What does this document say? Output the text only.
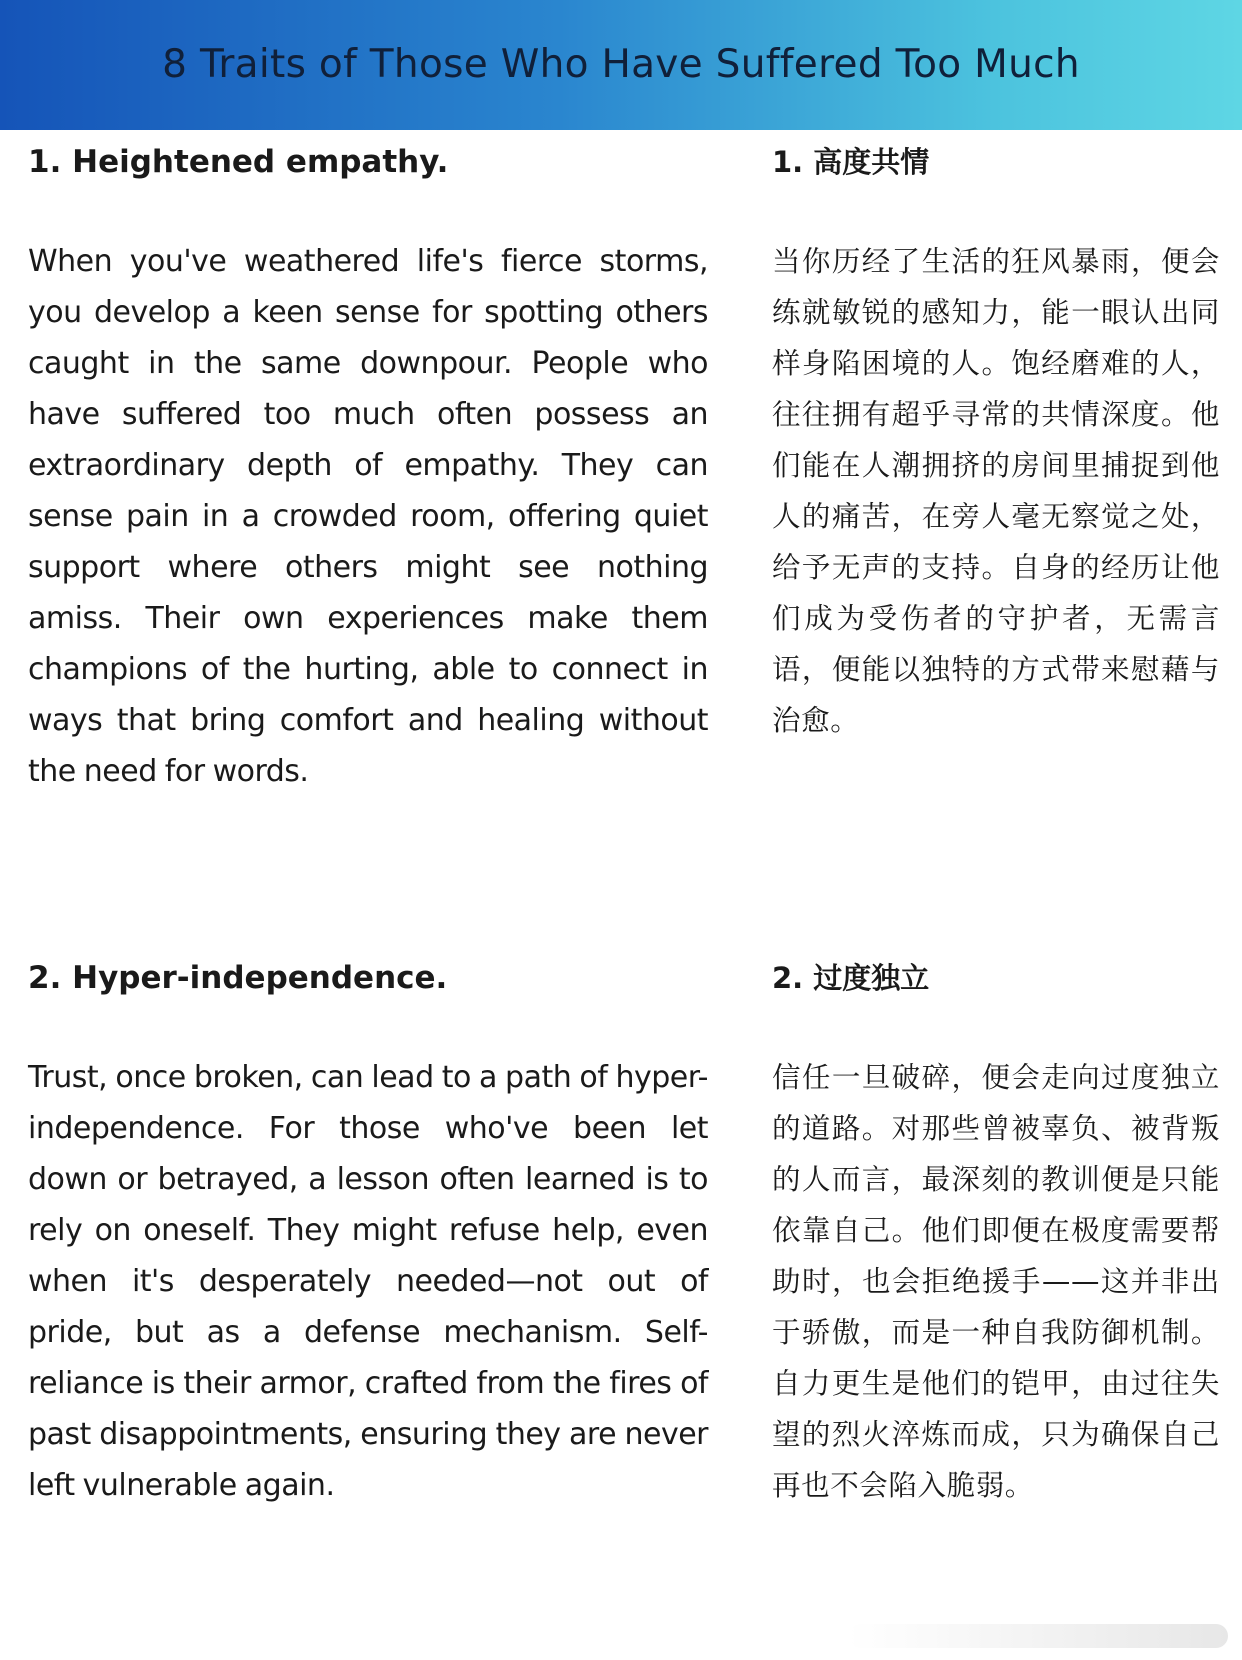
8 Traits of Those Who Have Suffered Too Much
1. Heightened empathy.

When you've weathered life's fierce storms, you develop a keen sense for spotting others caught in the same downpour. People who have suffered too much often possess an extraordinary depth of empathy. They can sense pain in a crowded room, offering quiet support where others might see nothing amiss. Their own experiences make them champions of the hurting, able to connect in ways that bring comfort and healing without the need for words.

1. 高度共情

当你历经了生活的狂风暴雨，便会练就敏锐的感知力，能一眼认出同样身陷困境的人。饱经磨难的人，往往拥有超乎寻常的共情深度。他们能在人潮拥挤的房间里捕捉到他人的痛苦，在旁人毫无察觉之处，给予无声的支持。自身的经历让他们成为受伤者的守护者，无需言语，便能以独特的方式带来慰藉与治愈。

2. Hyper-independence.

Trust, once broken, can lead to a path of hyper-independence. For those who've been let down or betrayed, a lesson often learned is to rely on oneself. They might refuse help, even when it's desperately needed—not out of pride, but as a defense mechanism. Self-reliance is their armor, crafted from the fires of past disappointments, ensuring they are never left vulnerable again.

2. 过度独立

信任一旦破碎，便会走向过度独立的道路。对那些曾被辜负、被背叛的人而言，最深刻的教训便是只能依靠自己。他们即便在极度需要帮助时，也会拒绝援手——这并非出于骄傲，而是一种自我防御机制。自力更生是他们的铠甲，由过往失望的烈火淬炼而成，只为确保自己再也不会陷入脆弱。
